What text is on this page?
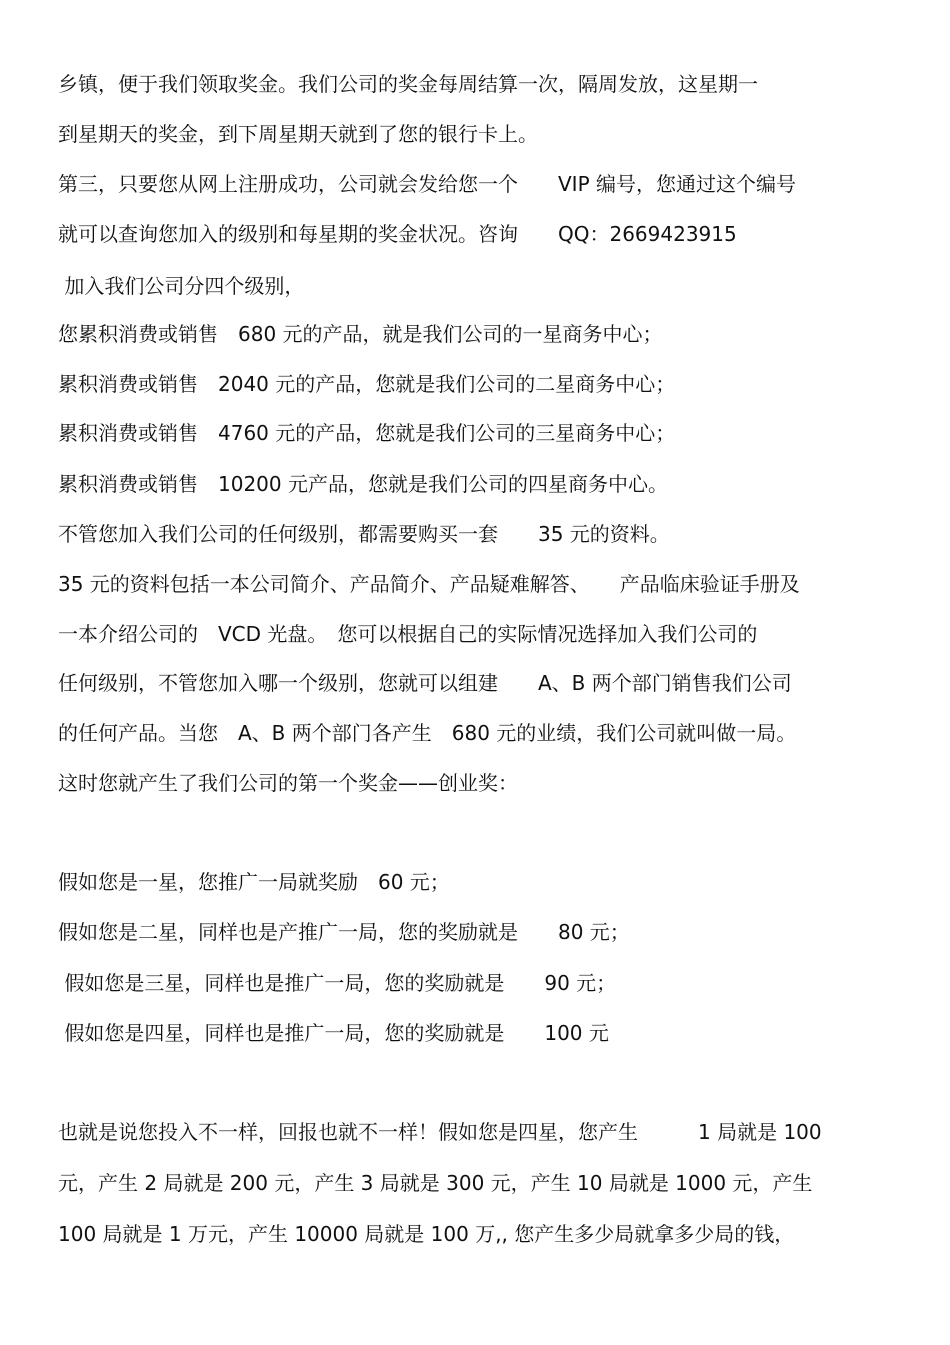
乡镇，便于我们领取奖金。我们公司的奖金每周结算一次，隔周发放，这星期一
到星期天的奖金，到下周星期天就到了您的银行卡上。
第三，只要您从网上注册成功，公司就会发给您一个　　VIP 编号，您通过这个编号
就可以查询您加入的级别和每星期的奖金状况。咨询　　QQ：2669423915
加入我们公司分四个级别，
您累积消费或销售　680 元的产品，就是我们公司的一星商务中心；
累积消费或销售　2040 元的产品，您就是我们公司的二星商务中心；
累积消费或销售　4760 元的产品，您就是我们公司的三星商务中心；
累积消费或销售　10200 元产品，您就是我们公司的四星商务中心。
不管您加入我们公司的任何级别，都需要购买一套　　35 元的资料。
35 元的资料包括一本公司简介、产品简介、产品疑难解答、　　产品临床验证手册及
一本介绍公司的　VCD 光盘。　您可以根据自己的实际情况选择加入我们公司的
任何级别，不管您加入哪一个级别，您就可以组建　　A、B 两个部门销售我们公司
的任何产品。当您　A、B 两个部门各产生　680 元的业绩，我们公司就叫做一局。
这时您就产生了我们公司的第一个奖金——创业奖：
假如您是一星，您推广一局就奖励　60 元；
假如您是二星，同样也是产推广一局，您的奖励就是　　80 元；
假如您是三星，同样也是推广一局，您的奖励就是　　90 元；
假如您是四星，同样也是推广一局，您的奖励就是　　100 元
也就是说您投入不一样，回报也就不一样！假如您是四星，您产生　　　1 局就是 100
元，产生 2 局就是 200 元，产生 3 局就是 300 元，产生 10 局就是 1000 元，产生
100 局就是 1 万元，产生 10000 局就是 100 万,, 您产生多少局就拿多少局的钱，
